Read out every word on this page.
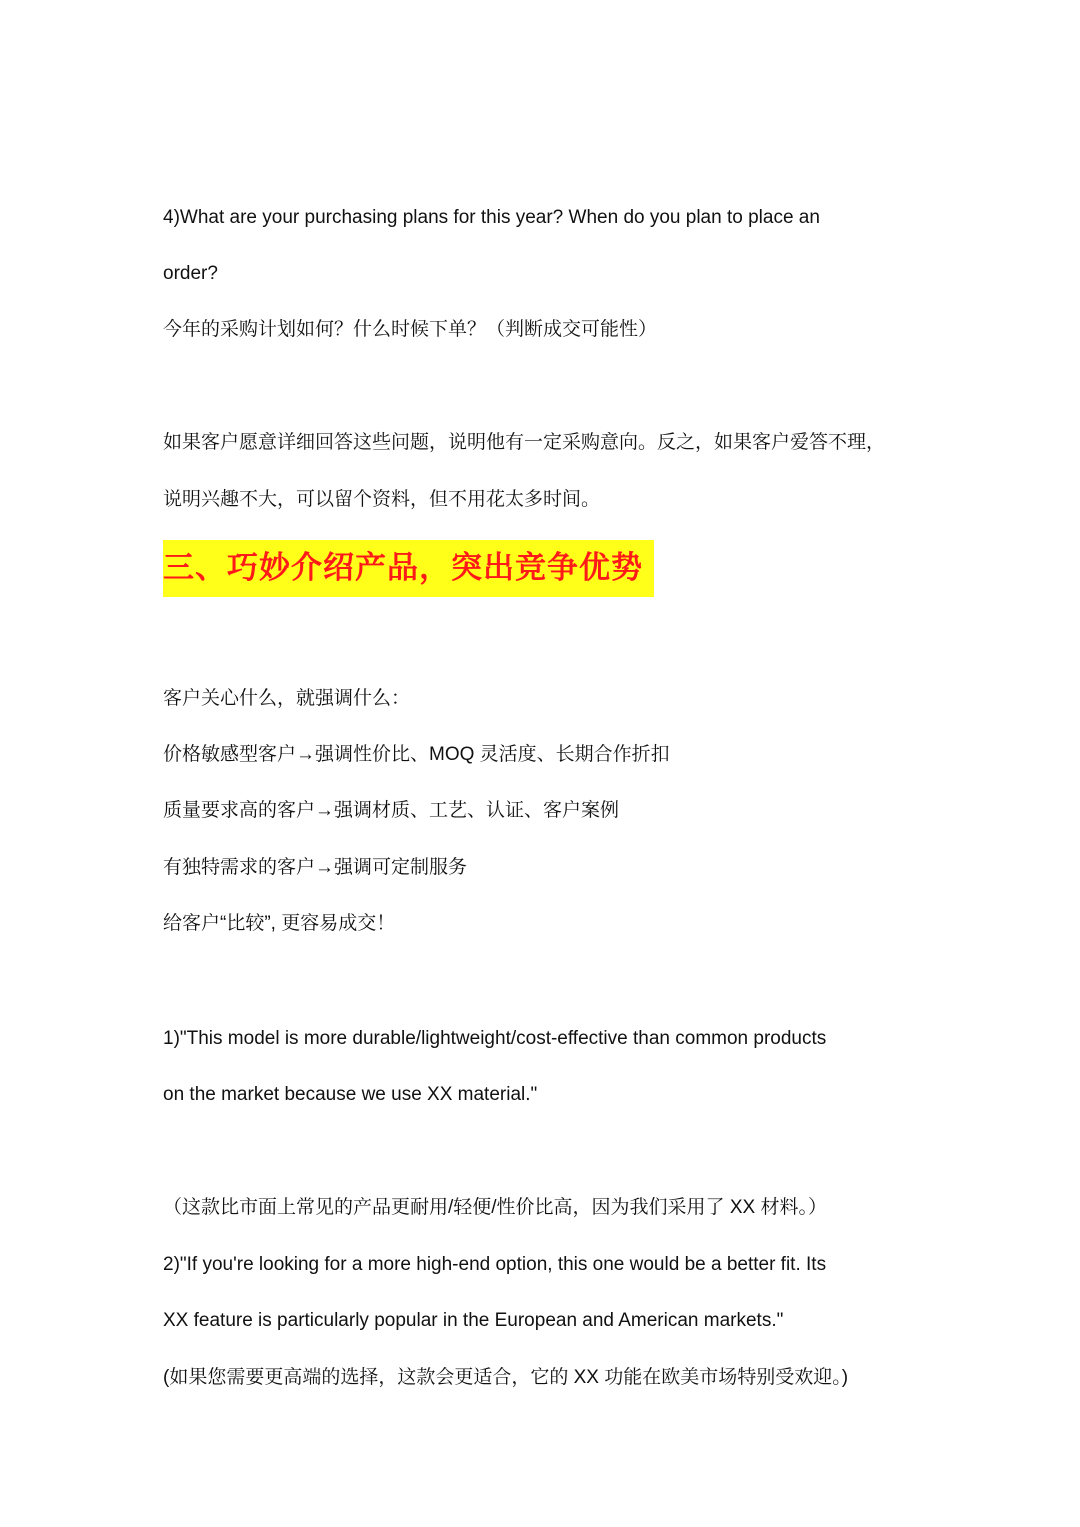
4)What are your purchasing plans for this year? When do you plan to place an
order?
今年的采购计划如何？什么时候下单？（判断成交可能性）
如果客户愿意详细回答这些问题，说明他有一定采购意向。反之，如果客户爱答不理，
说明兴趣不大，可以留个资料，但不用花太多时间。
三、巧妙介绍产品，突出竞争优势
客户关心什么，就强调什么：
价格敏感型客户→强调性价比、MOQ 灵活度、长期合作折扣
质量要求高的客户→强调材质、工艺、认证、客户案例
有独特需求的客户→强调可定制服务
给客户“比较”, 更容易成交！
1)"This model is more durable/lightweight/cost-effective than common products
on the market because we use XX material."
（这款比市面上常见的产品更耐用/轻便/性价比高，因为我们采用了 XX 材料。）
2)"If you're looking for a more high-end option, this one would be a better fit. Its
XX feature is particularly popular in the European and American markets."
(如果您需要更高端的选择，这款会更适合，它的 XX 功能在欧美市场特别受欢迎。)
